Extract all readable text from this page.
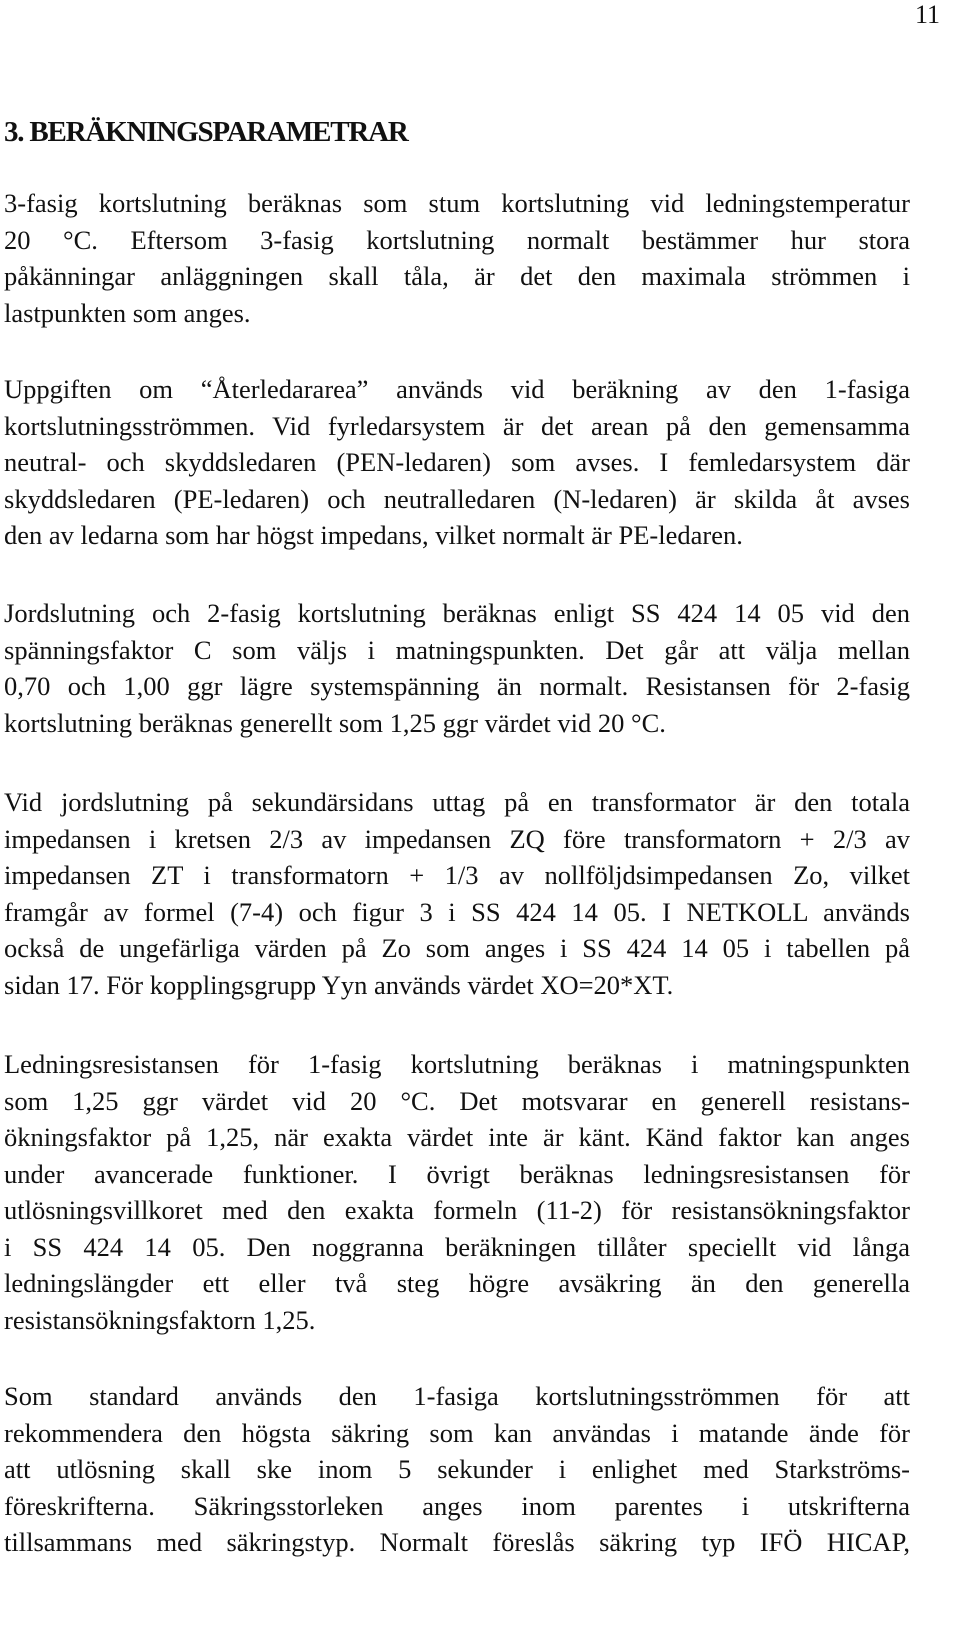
11
3. BERÄKNINGSPARAMETRAR

3-fasig kortslutning beräknas som stum kortslutning vid ledningstemperatur
20 °C. Eftersom 3-fasig kortslutning normalt bestämmer hur stora
påkänningar anläggningen skall tåla, är det den maximala strömmen i
lastpunkten som anges.

Uppgiften om “Återledararea” används vid beräkning av den 1-fasiga
kortslutningsströmmen. Vid fyrledarsystem är det arean på den gemensamma
neutral- och skyddsledaren (PEN-ledaren) som avses. I femledarsystem där
skyddsledaren (PE-ledaren) och neutralledaren (N-ledaren) är skilda åt avses
den av ledarna som har högst impedans, vilket normalt är PE-ledaren.

Jordslutning och 2-fasig kortslutning beräknas enligt SS 424 14 05 vid den
spänningsfaktor C som väljs i matningspunkten. Det går att välja mellan
0,70 och 1,00 ggr lägre systemspänning än normalt. Resistansen för 2-fasig
kortslutning beräknas generellt som 1,25 ggr värdet vid 20 °C.

Vid jordslutning på sekundärsidans uttag på en transformator är den totala
impedansen i kretsen 2/3 av impedansen ZQ före transformatorn + 2/3 av
impedansen ZT i transformatorn + 1/3 av nollföljdsimpedansen Zo, vilket
framgår av formel (7-4) och figur 3 i SS 424 14 05. I NETKOLL används
också de ungefärliga värden på Zo som anges i SS 424 14 05 i tabellen på
sidan 17. För kopplingsgrupp Yyn används värdet XO=20*XT.

Ledningsresistansen för 1-fasig kortslutning beräknas i matningspunkten
som 1,25 ggr värdet vid 20 °C. Det motsvarar en generell resistans-
ökningsfaktor på 1,25, när exakta värdet inte är känt. Känd faktor kan anges
under avancerade funktioner. I övrigt beräknas ledningsresistansen för
utlösningsvillkoret med den exakta formeln (11-2) för resistansökningsfaktor
i SS 424 14 05. Den noggranna beräkningen tillåter speciellt vid långa
ledningslängder ett eller två steg högre avsäkring än den generella
resistansökningsfaktorn 1,25.

Som standard används den 1-fasiga kortslutningsströmmen för att
rekommendera den högsta säkring som kan användas i matande ände för
att utlösning skall ske inom 5 sekunder i enlighet med Starkströms-
föreskrifterna. Säkringsstorleken anges inom parentes i utskrifterna
tillsammans med säkringstyp. Normalt föreslås säkring typ IFÖ HICAP,
